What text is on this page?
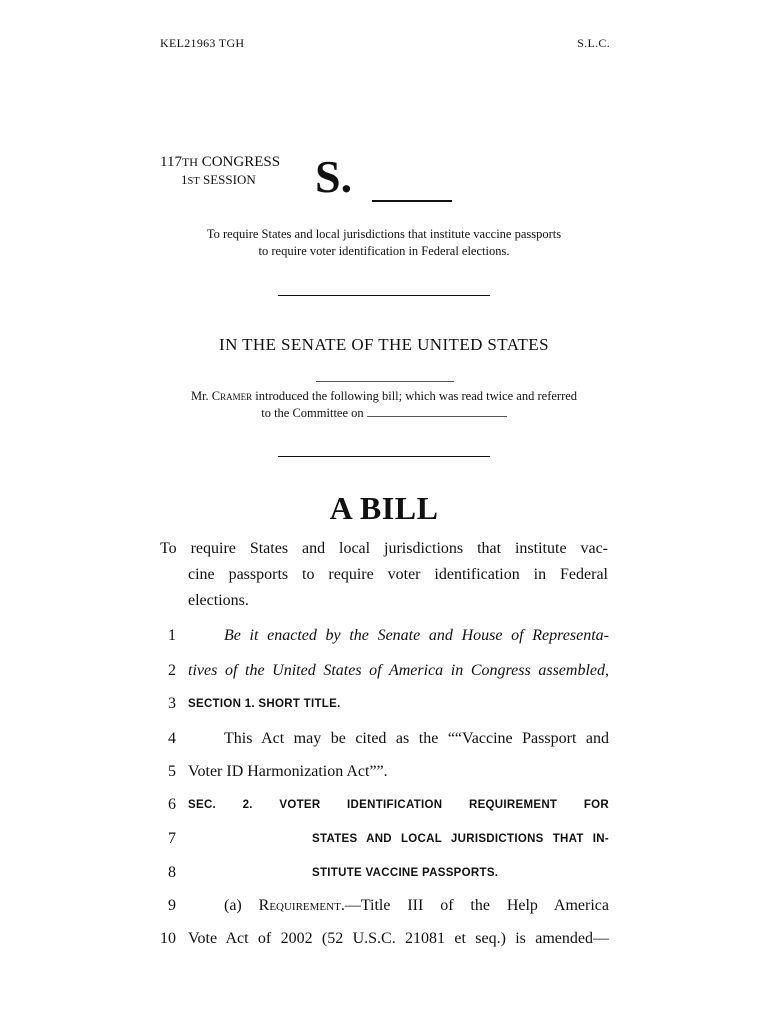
KEL21963 TGH	S.L.C.
117TH CONGRESS
1ST SESSION S.
To require States and local jurisdictions that institute vaccine passports
to require voter identification in Federal elections.
IN THE SENATE OF THE UNITED STATES
Mr. Cramer introduced the following bill; which was read twice and referred
to the Committee on
A BILL
To require States and local jurisdictions that institute vac-
cine passports to require voter identification in Federal
elections.
1	Be it enacted by the Senate and House of Representa-
2 tives of the United States of America in Congress assembled,
3 SECTION 1. SHORT TITLE.
4	This Act may be cited as the ““Vaccine Passport and
5 Voter ID Harmonization Act””.
6 SEC. 2. VOTER IDENTIFICATION REQUIREMENT FOR
7	STATES AND LOCAL JURISDICTIONS THAT IN-
8	STITUTE VACCINE PASSPORTS.
9	(a) Requirement.—Title III of the Help America
10 Vote Act of 2002 (52 U.S.C. 21081 et seq.) is amended—
